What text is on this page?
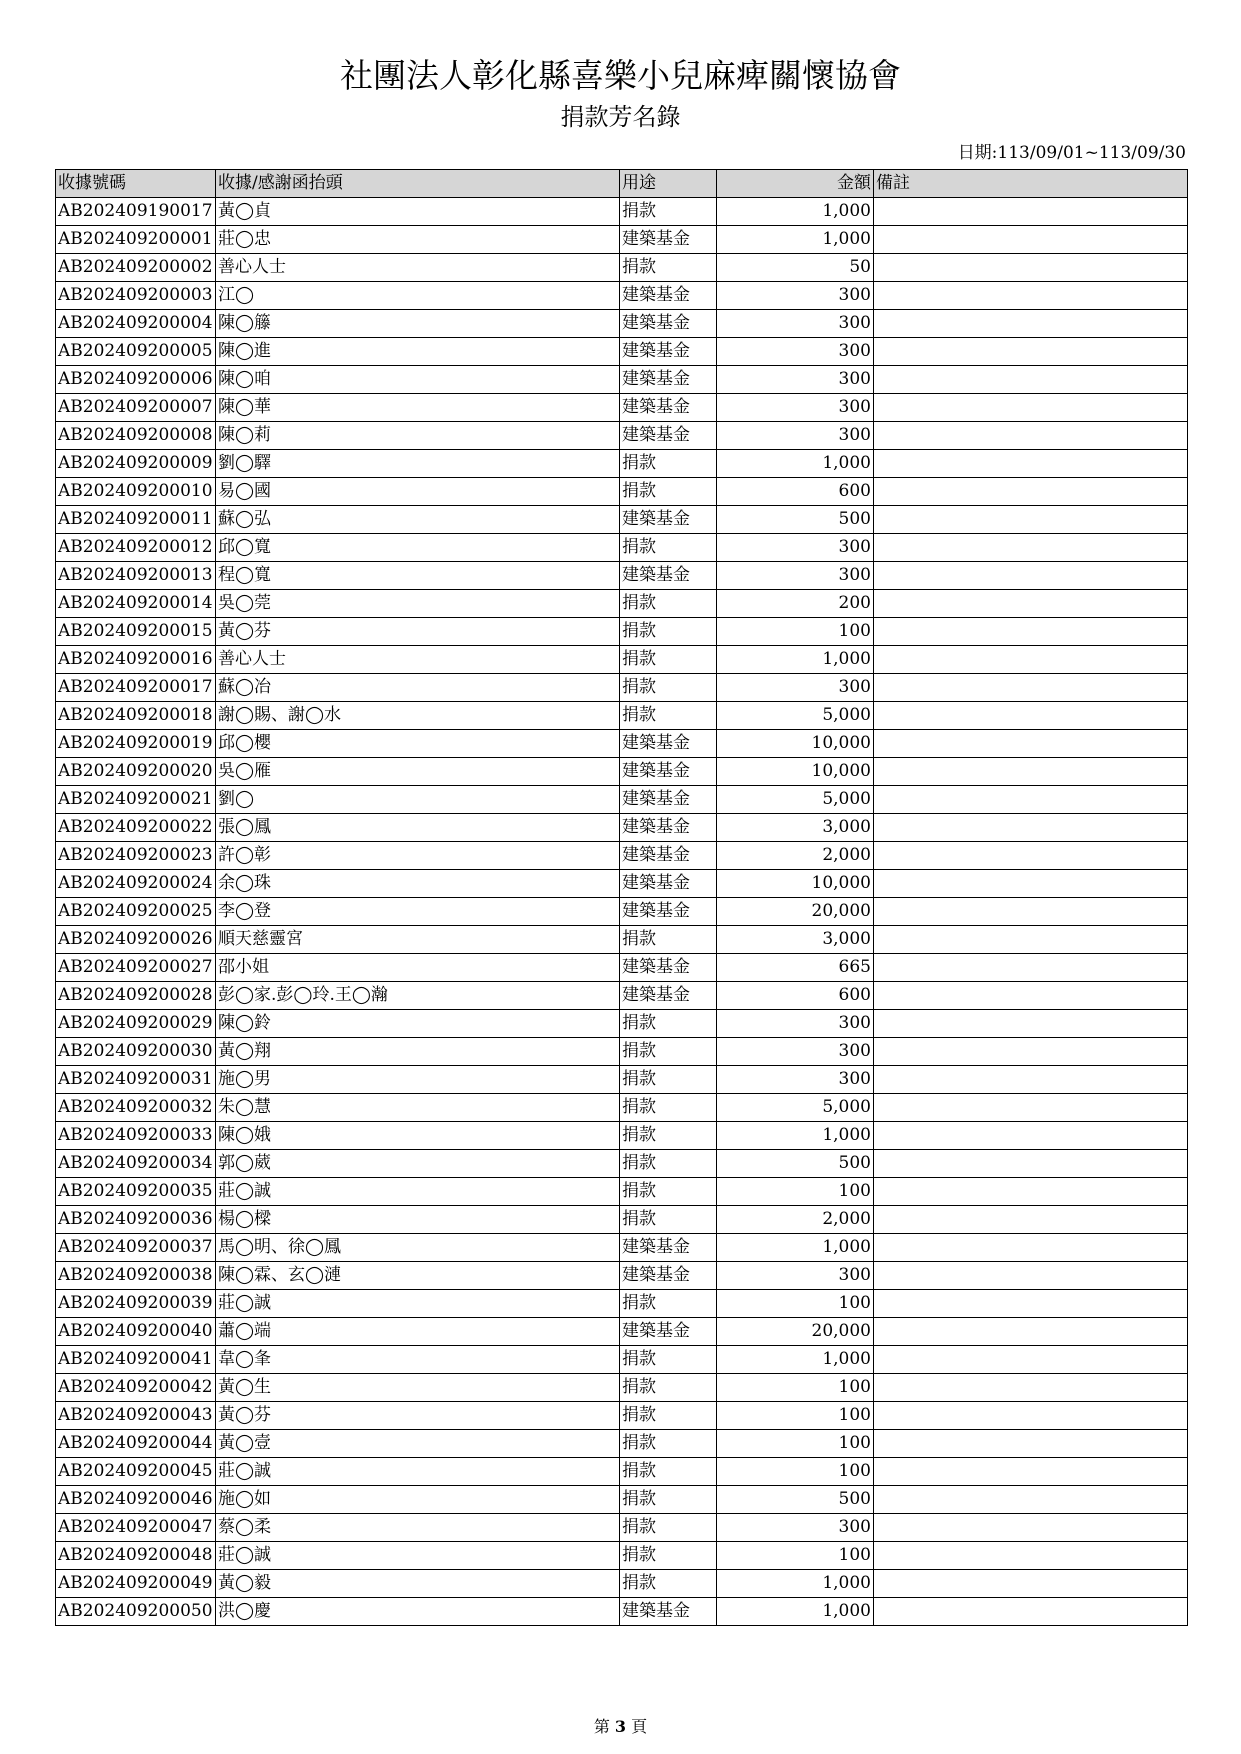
社團法人彰化縣喜樂小兒麻痺關懷協會
捐款芳名錄
日期:113/09/01~113/09/30
收據號碼	收據/感謝函抬頭	用途	金額	備註
AB202409190017	黃◯貞	捐款	1,000	
AB202409200001	莊◯忠	建築基金	1,000	
AB202409200002	善心人士	捐款	50	
AB202409200003	江◯	建築基金	300	
AB202409200004	陳◯籐	建築基金	300	
AB202409200005	陳◯進	建築基金	300	
AB202409200006	陳◯咱	建築基金	300	
AB202409200007	陳◯華	建築基金	300	
AB202409200008	陳◯莉	建築基金	300	
AB202409200009	劉◯驛	捐款	1,000	
AB202409200010	易◯國	捐款	600	
AB202409200011	蘇◯弘	建築基金	500	
AB202409200012	邱◯寬	捐款	300	
AB202409200013	程◯寬	建築基金	300	
AB202409200014	吳◯莞	捐款	200	
AB202409200015	黃◯芬	捐款	100	
AB202409200016	善心人士	捐款	1,000	
AB202409200017	蘇◯冶	捐款	300	
AB202409200018	謝◯賜、謝◯水	捐款	5,000	
AB202409200019	邱◯櫻	建築基金	10,000	
AB202409200020	吳◯雁	建築基金	10,000	
AB202409200021	劉◯	建築基金	5,000	
AB202409200022	張◯鳳	建築基金	3,000	
AB202409200023	許◯彰	建築基金	2,000	
AB202409200024	余◯珠	建築基金	10,000	
AB202409200025	李◯登	建築基金	20,000	
AB202409200026	順天慈靈宮	捐款	3,000	
AB202409200027	邵小姐	建築基金	665	
AB202409200028	彭◯家.彭◯玲.王◯瀚	建築基金	600	
AB202409200029	陳◯鈴	捐款	300	
AB202409200030	黃◯翔	捐款	300	
AB202409200031	施◯男	捐款	300	
AB202409200032	朱◯慧	捐款	5,000	
AB202409200033	陳◯娥	捐款	1,000	
AB202409200034	郭◯葳	捐款	500	
AB202409200035	莊◯誠	捐款	100	
AB202409200036	楊◯樑	捐款	2,000	
AB202409200037	馬◯明、徐◯鳳	建築基金	1,000	
AB202409200038	陳◯霖、玄◯漣	建築基金	300	
AB202409200039	莊◯誠	捐款	100	
AB202409200040	蕭◯端	建築基金	20,000	
AB202409200041	韋◯夆	捐款	1,000	
AB202409200042	黃◯生	捐款	100	
AB202409200043	黃◯芬	捐款	100	
AB202409200044	黃◯壹	捐款	100	
AB202409200045	莊◯誠	捐款	100	
AB202409200046	施◯如	捐款	500	
AB202409200047	蔡◯柔	捐款	300	
AB202409200048	莊◯誠	捐款	100	
AB202409200049	黃◯毅	捐款	1,000	
AB202409200050	洪◯慶	建築基金	1,000	
第 3 頁
